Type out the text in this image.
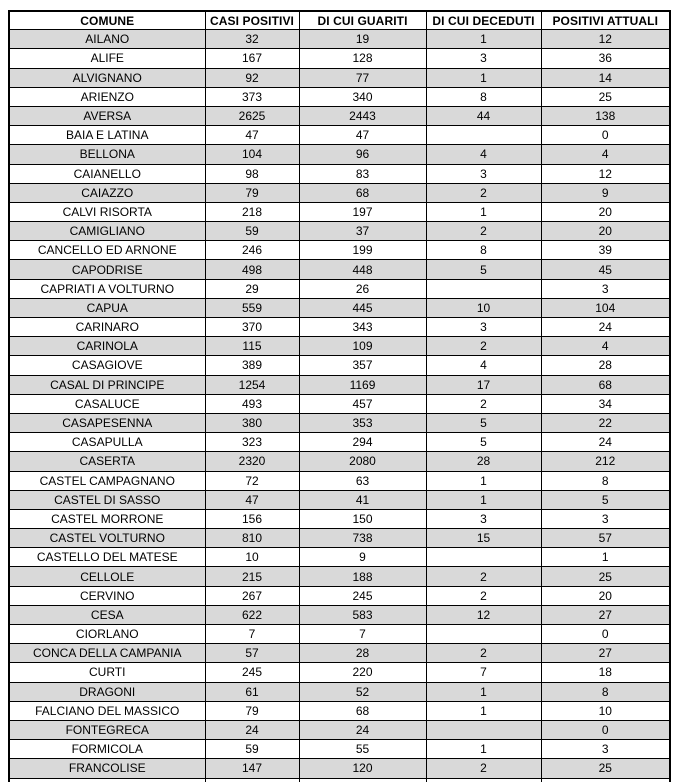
COMUNE	CASI POSITIVI	DI CUI GUARITI	DI CUI DECEDUTI	POSITIVI ATTUALI
AILANO	32	19	1	12
ALIFE	167	128	3	36
ALVIGNANO	92	77	1	14
ARIENZO	373	340	8	25
AVERSA	2625	2443	44	138
BAIA E LATINA	47	47		0
BELLONA	104	96	4	4
CAIANELLO	98	83	3	12
CAIAZZO	79	68	2	9
CALVI RISORTA	218	197	1	20
CAMIGLIANO	59	37	2	20
CANCELLO ED ARNONE	246	199	8	39
CAPODRISE	498	448	5	45
CAPRIATI A VOLTURNO	29	26		3
CAPUA	559	445	10	104
CARINARO	370	343	3	24
CARINOLA	115	109	2	4
CASAGIOVE	389	357	4	28
CASAL DI PRINCIPE	1254	1169	17	68
CASALUCE	493	457	2	34
CASAPESENNA	380	353	5	22
CASAPULLA	323	294	5	24
CASERTA	2320	2080	28	212
CASTEL CAMPAGNANO	72	63	1	8
CASTEL DI SASSO	47	41	1	5
CASTEL MORRONE	156	150	3	3
CASTEL VOLTURNO	810	738	15	57
CASTELLO DEL MATESE	10	9		1
CELLOLE	215	188	2	25
CERVINO	267	245	2	20
CESA	622	583	12	27
CIORLANO	7	7		0
CONCA DELLA CAMPANIA	57	28	2	27
CURTI	245	220	7	18
DRAGONI	61	52	1	8
FALCIANO DEL MASSICO	79	68	1	10
FONTEGRECA	24	24		0
FORMICOLA	59	55	1	3
FRANCOLISE	147	120	2	25
